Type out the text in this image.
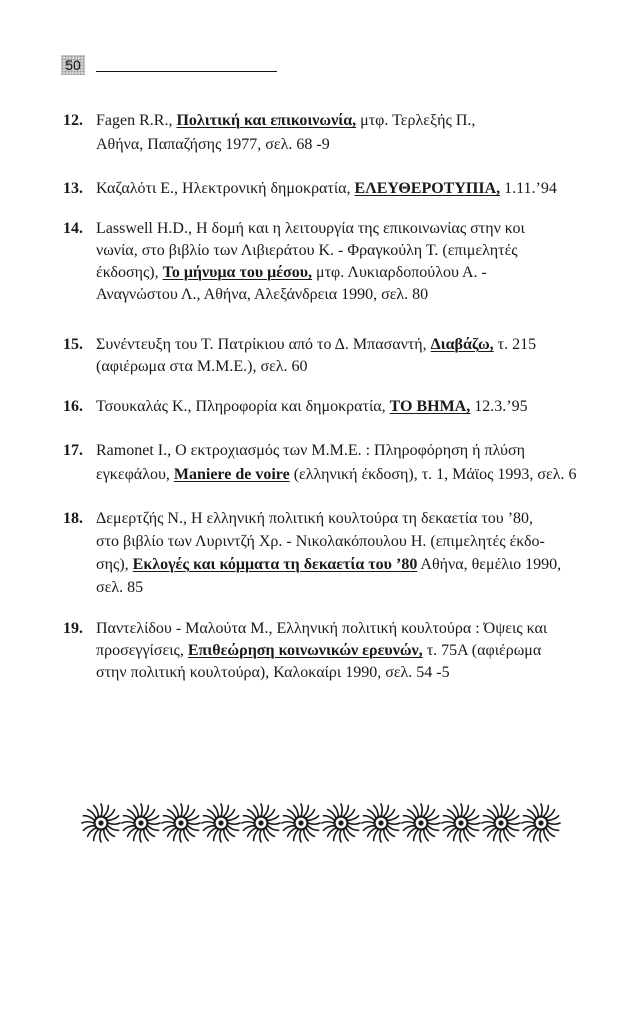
50
12. Fagen R.R., Πολιτική και επικοινωνία, μτφ. Τερλεξής Π.,
Αθήνα, Παπαζήσης 1977, σελ. 68 -9
13. Καζαλότι Ε., Ηλεκτρονική δημοκρατία, ΕΛΕΥΘΕΡΟΤΥΠΙΑ, 1.11.’94
14. Lasswell H.D., Η δομή και η λειτουργία της επικοινωνίας στην κοι
νωνία, στο βιβλίο των Λιβιεράτου Κ. - Φραγκούλη Τ. (επιμελητές
έκδοσης), Το μήνυμα του μέσου, μτφ. Λυκιαρδοπούλου Α. -
Αναγνώστου Λ., Αθήνα, Αλεξάνδρεια 1990, σελ. 80
15. Συνέντευξη του Τ. Πατρίκιου από το Δ. Μπασαντή, Διαβάζω, τ. 215
(αφιέρωμα στα Μ.Μ.Ε.), σελ. 60
16. Τσουκαλάς Κ., Πληροφορία και δημοκρατία, ΤΟ ΒΗΜΑ, 12.3.’95
17. Ramonet I., Ο εκτροχιασμός των Μ.Μ.Ε. : Πληροφόρηση ή πλύση
εγκεφάλου, Maniere de voire (ελληνική έκδοση), τ. 1, Μάϊος 1993, σελ. 6
18. Δεμερτζής Ν., Η ελληνική πολιτική κουλτούρα τη δεκαετία του ’80,
στο βιβλίο των Λυριντζή Χρ. - Νικολακόπουλου Η. (επιμελητές έκδο-
σης), Εκλογές και κόμματα τη δεκαετία του ’80 Αθήνα, θεμέλιο 1990,
σελ. 85
19. Παντελίδου - Μαλούτα Μ., Ελληνική πολιτική κουλτούρα : Όψεις και
προσεγγίσεις, Επιθεώρηση κοινωνικών ερευνών, τ. 75Α (αφιέρωμα
στην πολιτική κουλτούρα), Καλοκαίρι 1990, σελ. 54 -5
